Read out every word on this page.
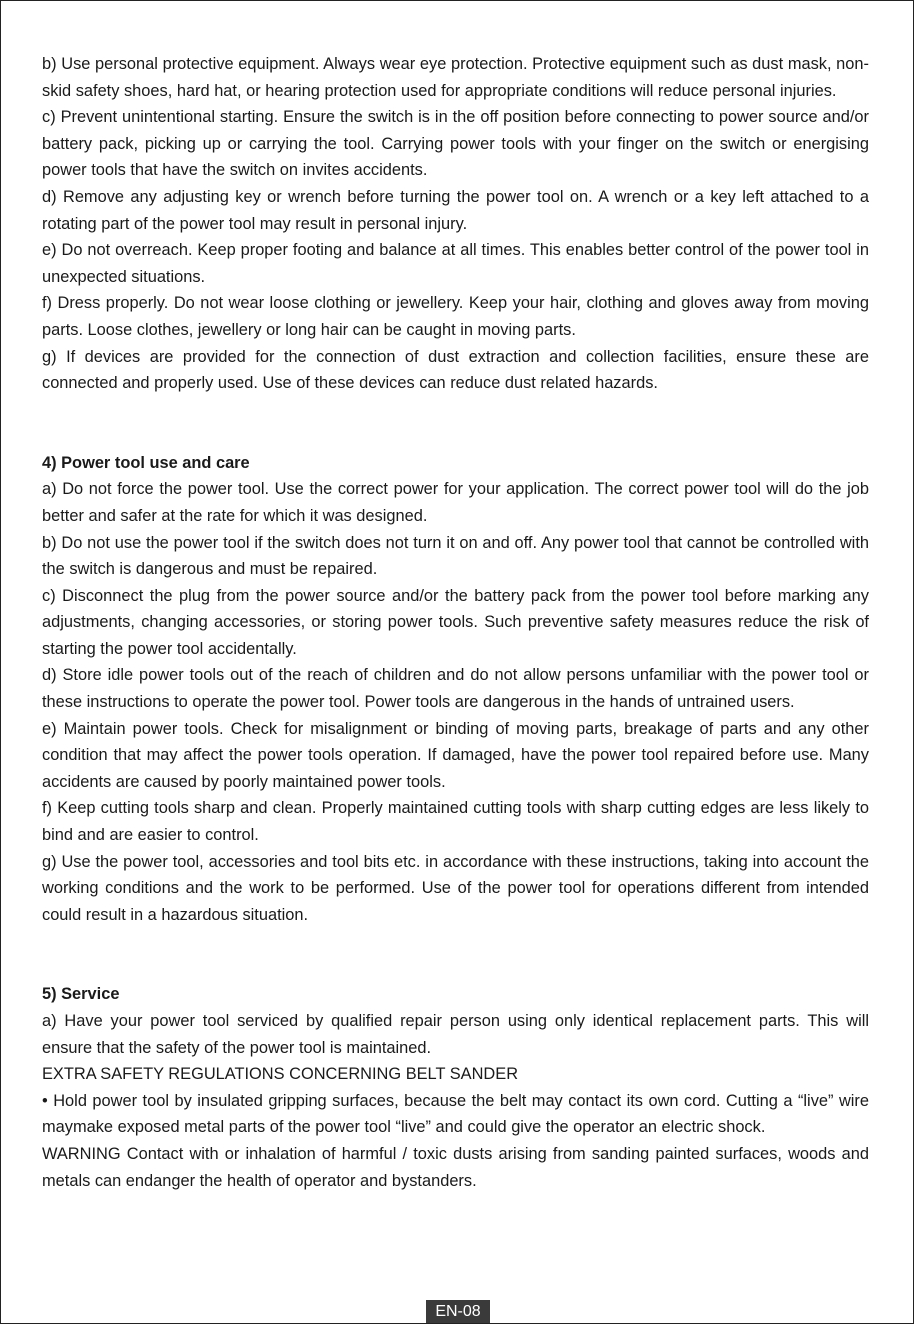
b) Use personal protective equipment. Always wear eye protection. Protective equipment such as dust mask, non-skid safety shoes, hard hat, or hearing protection used for appropriate conditions will reduce personal injuries.

c) Prevent unintentional starting. Ensure the switch is in the off position before connecting to power source and/or battery pack, picking up or carrying the tool. Carrying power tools with your finger on the switch or energising power tools that have the switch on invites accidents.

d) Remove any adjusting key or wrench before turning the power tool on. A wrench or a key left attached to a rotating part of the power tool may result in personal injury.

e) Do not overreach. Keep proper footing and balance at all times. This enables better control of the power tool in unexpected situations.

f) Dress properly. Do not wear loose clothing or jewellery. Keep your hair, clothing and gloves away from moving parts. Loose clothes, jewellery or long hair can be caught in moving parts.

g) If devices are provided for the connection of dust extraction and collection facilities, ensure these are connected and properly used. Use of these devices can reduce dust related hazards.

4) Power tool use and care

a) Do not force the power tool. Use the correct power for your application. The correct power tool will do the job better and safer at the rate for which it was designed.

b) Do not use the power tool if the switch does not turn it on and off. Any power tool that cannot be controlled with the switch is dangerous and must be repaired.

c) Disconnect the plug from the power source and/or the battery pack from the power tool before marking any adjustments, changing accessories, or storing power tools. Such preventive safety measures reduce the risk of starting the power tool accidentally.

d) Store idle power tools out of the reach of children and do not allow persons unfamiliar with the power tool or these instructions to operate the power tool. Power tools are dangerous in the hands of untrained users.

e) Maintain power tools. Check for misalignment or binding of moving parts, breakage of parts and any other condition that may affect the power tools operation. If damaged, have the power tool repaired before use. Many accidents are caused by poorly maintained power tools.

f) Keep cutting tools sharp and clean. Properly maintained cutting tools with sharp cutting edges are less likely to bind and are easier to control.

g) Use the power tool, accessories and tool bits etc. in accordance with these instructions, taking into account the working conditions and the work to be performed. Use of the power tool for operations different from intended could result in a hazardous situation.

5) Service

a) Have your power tool serviced by qualified repair person using only identical replacement parts. This will ensure that the safety of the power tool is maintained.

EXTRA SAFETY REGULATIONS CONCERNING BELT SANDER

• Hold power tool by insulated gripping surfaces, because the belt may contact its own cord. Cutting a “live” wire maymake exposed metal parts of the power tool “live” and could give the operator an electric shock.

WARNING Contact with or inhalation of harmful / toxic dusts arising from sanding painted surfaces, woods and metals can endanger the health of operator and bystanders.

EN-08
